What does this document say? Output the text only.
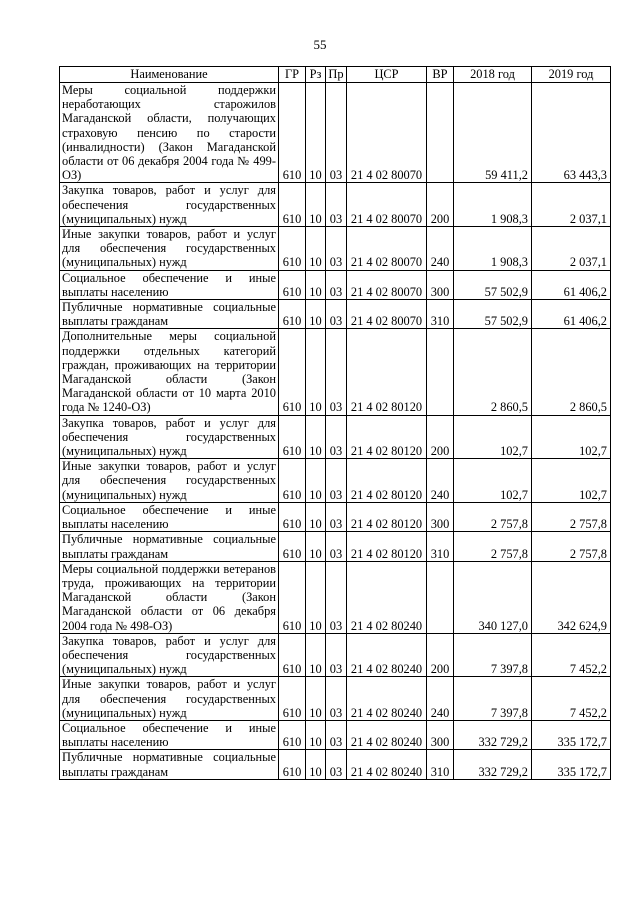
55
Наименование	ГР	Рз	Пр	ЦСР	ВР	2018 год	2019 год
Меры социальной поддержки неработающих старожилов Магаданской области, получающих страховую пенсию по старости (инвалидности) (Закон Магаданской области от 06 декабря 2004 года № 499-ОЗ)	610	10	03	21 4 02 80070		59 411,2	63 443,3
Закупка товаров, работ и услуг для обеспечения государственных (муниципальных) нужд	610	10	03	21 4 02 80070	200	1 908,3	2 037,1
Иные закупки товаров, работ и услуг для обеспечения государственных (муниципальных) нужд	610	10	03	21 4 02 80070	240	1 908,3	2 037,1
Социальное обеспечение и иные выплаты населению	610	10	03	21 4 02 80070	300	57 502,9	61 406,2
Публичные нормативные социальные выплаты гражданам	610	10	03	21 4 02 80070	310	57 502,9	61 406,2
Дополнительные меры социальной поддержки отдельных категорий граждан, проживающих на территории Магаданской области (Закон Магаданской области от 10 марта 2010 года № 1240-ОЗ)	610	10	03	21 4 02 80120		2 860,5	2 860,5
Закупка товаров, работ и услуг для обеспечения государственных (муниципальных) нужд	610	10	03	21 4 02 80120	200	102,7	102,7
Иные закупки товаров, работ и услуг для обеспечения государственных (муниципальных) нужд	610	10	03	21 4 02 80120	240	102,7	102,7
Социальное обеспечение и иные выплаты населению	610	10	03	21 4 02 80120	300	2 757,8	2 757,8
Публичные нормативные социальные выплаты гражданам	610	10	03	21 4 02 80120	310	2 757,8	2 757,8
Меры социальной поддержки ветеранов труда, проживающих на территории Магаданской области (Закон Магаданской области от 06 декабря 2004 года № 498-ОЗ)	610	10	03	21 4 02 80240		340 127,0	342 624,9
Закупка товаров, работ и услуг для обеспечения государственных (муниципальных) нужд	610	10	03	21 4 02 80240	200	7 397,8	7 452,2
Иные закупки товаров, работ и услуг для обеспечения государственных (муниципальных) нужд	610	10	03	21 4 02 80240	240	7 397,8	7 452,2
Социальное обеспечение и иные выплаты населению	610	10	03	21 4 02 80240	300	332 729,2	335 172,7
Публичные нормативные социальные выплаты гражданам	610	10	03	21 4 02 80240	310	332 729,2	335 172,7
